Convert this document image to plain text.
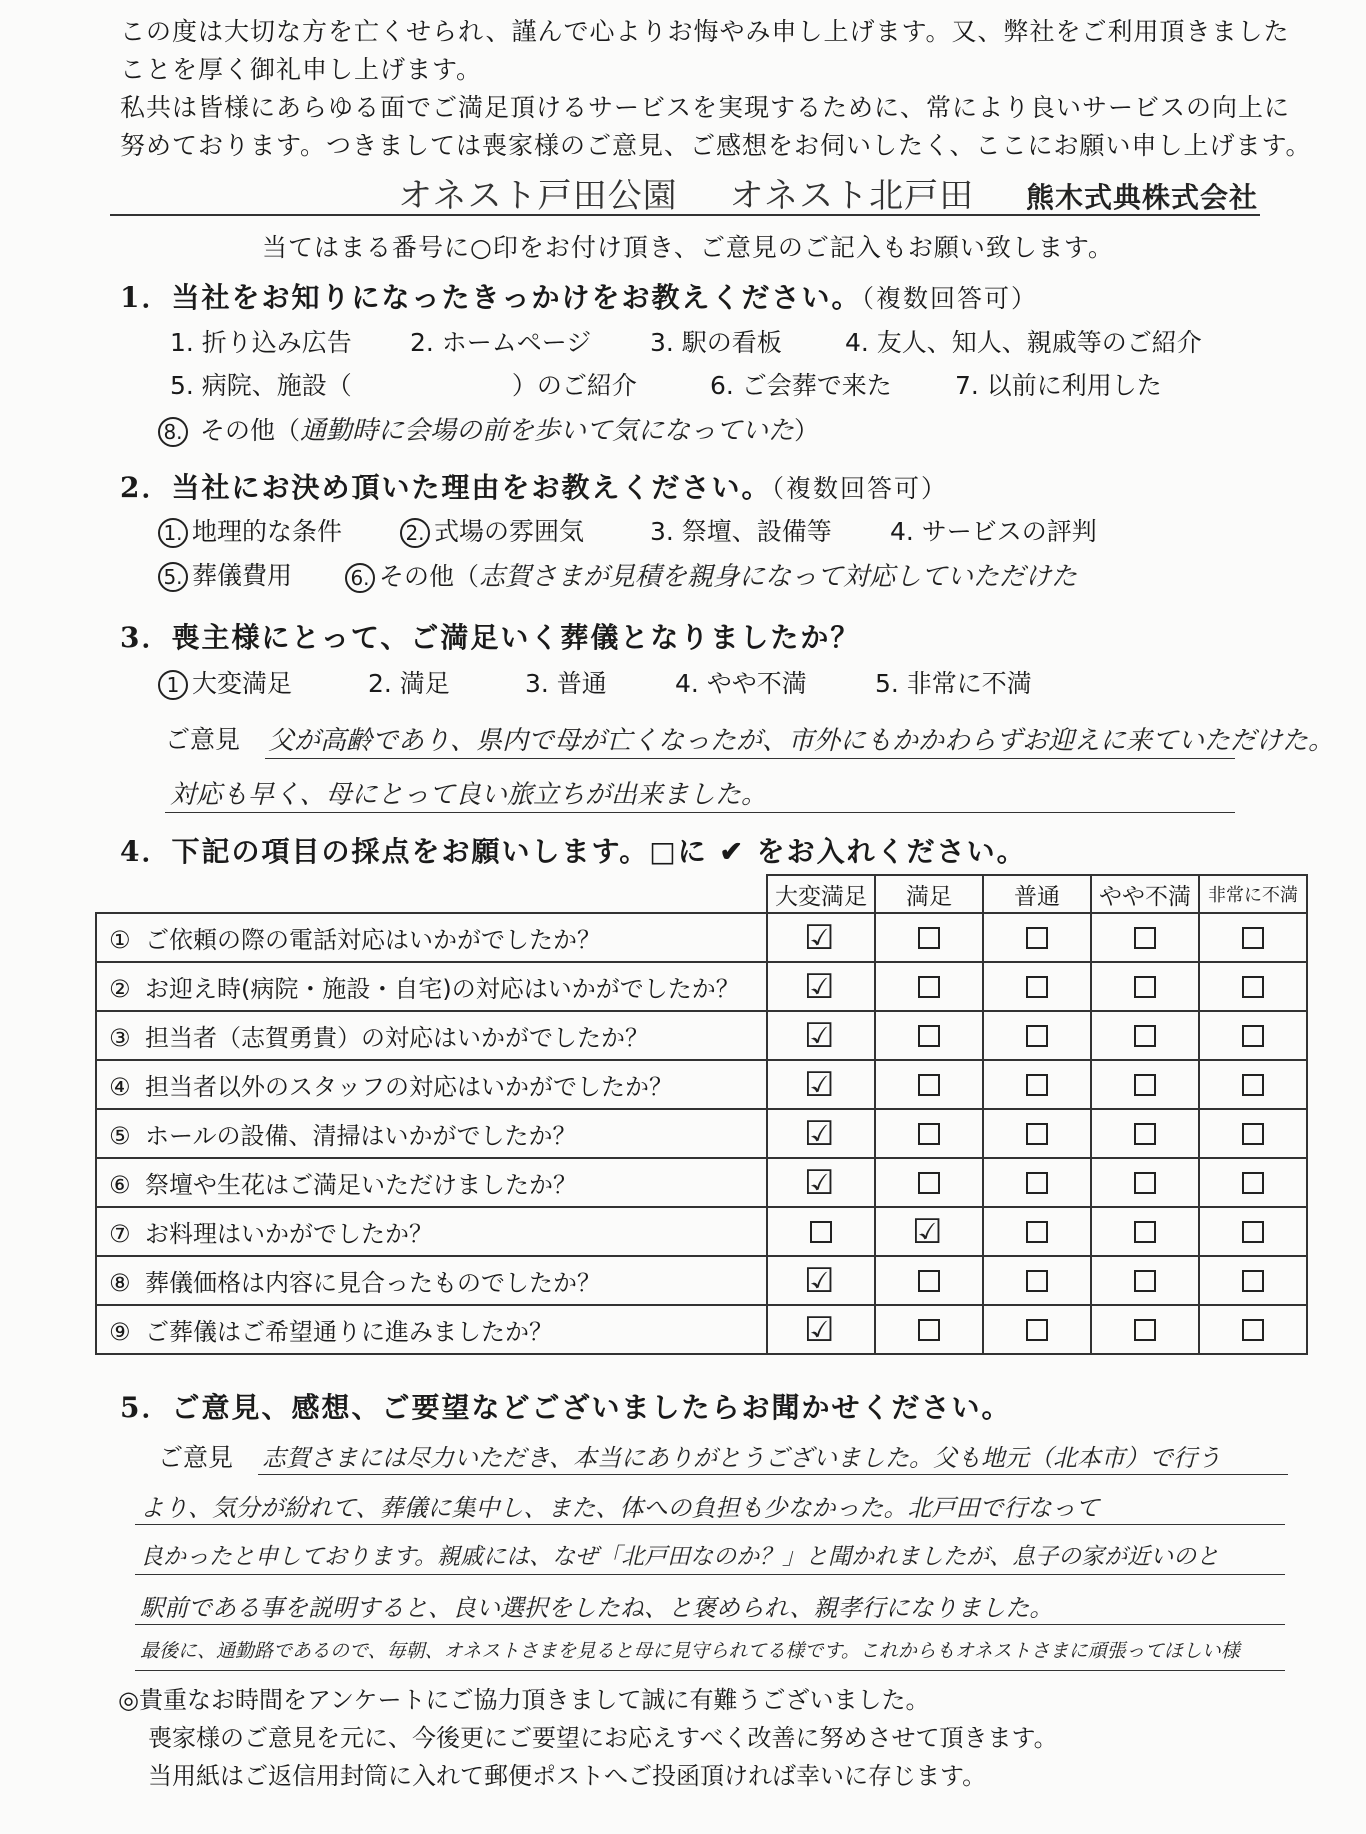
この度は大切な方を亡くせられ、謹んで心よりお悔やみ申し上げます。又、弊社をご利用頂きました
ことを厚く御礼申し上げます。
私共は皆様にあらゆる面でご満足頂けるサービスを実現するために、常により良いサービスの向上に
努めております。つきましては喪家様のご意見、ご感想をお伺いしたく、ここにお願い申し上げます。
オネスト戸田公園 オネスト北戸田 熊木式典株式会社
当てはまる番号に○印をお付け頂き、ご意見のご記入もお願い致します。
1．当社をお知りになったきっかけをお教えください。（複数回答可）
1. 折り込み広告 2. ホームページ 3. 駅の看板	4. 友人、知人、親戚等のご紹介
5. 病院、施設（	）のご紹介	6. ご会葬で来た	7. 以前に利用した
8. その他（通勤時に会場の前を歩いて気になっていた）
2．当社にお決め頂いた理由をお教えください。（複数回答可）
1. 地理的な条件	2. 式場の雰囲気	3. 祭壇、設備等 4. サービスの評判
5. 葬儀費用	6. その他（志賀さまが見積を親身になって対応していただけた
3．喪主様にとって、ご満足いく葬儀となりましたか？
1 大変満足	2. 満足	3. 普通	4. やや不満	5. 非常に不満
ご意見 父が高齢であり、県内で母が亡くなったが、市外にもかかわらずお迎えに来ていただけた。
対応も早く、母にとって良い旅立ちが出来ました。
4．下記の項目の採点をお願いします。□に ✔ をお入れください。
	大変満足	満足	普通	やや不満	非常に不満
① ご依頼の際の電話対応はいかがでしたか？	☑				

② お迎え時(病院・施設・自宅)の対応はいかがでしたか？	☑				

③ 担当者（志賀勇貴）の対応はいかがでしたか？	☑				

④ 担当者以外のスタッフの対応はいかがでしたか？	☑				

⑤ ホールの設備、清掃はいかがでしたか？	☑				

⑥ 祭壇や生花はご満足いただけましたか？	☑				

⑦ お料理はいかがでしたか？		☑			

⑧ 葬儀価格は内容に見合ったものでしたか？	☑				

⑨ ご葬儀はご希望通りに進みましたか？	☑				

5．ご意見、感想、ご要望などございましたらお聞かせください。
ご意見 志賀さまには尽力いただき、本当にありがとうございました。父も地元（北本市）で行う
より、気分が紛れて、葬儀に集中し、また、体への負担も少なかった。北戸田で行なって
良かったと申しております。親戚には、なぜ「北戸田なのか？」と聞かれましたが、息子の家が近いのと
駅前である事を説明すると、良い選択をしたね、と褒められ、親孝行になりました。
最後に、通勤路であるので、毎朝、オネストさまを見ると母に見守られてる様です。これからもオネストさまに頑張ってほしい様
◎貴重なお時間をアンケートにご協力頂きまして誠に有難うございました。
喪家様のご意見を元に、今後更にご要望にお応えすべく改善に努めさせて頂きます。
当用紙はご返信用封筒に入れて郵便ポストへご投函頂ければ幸いに存じます。
